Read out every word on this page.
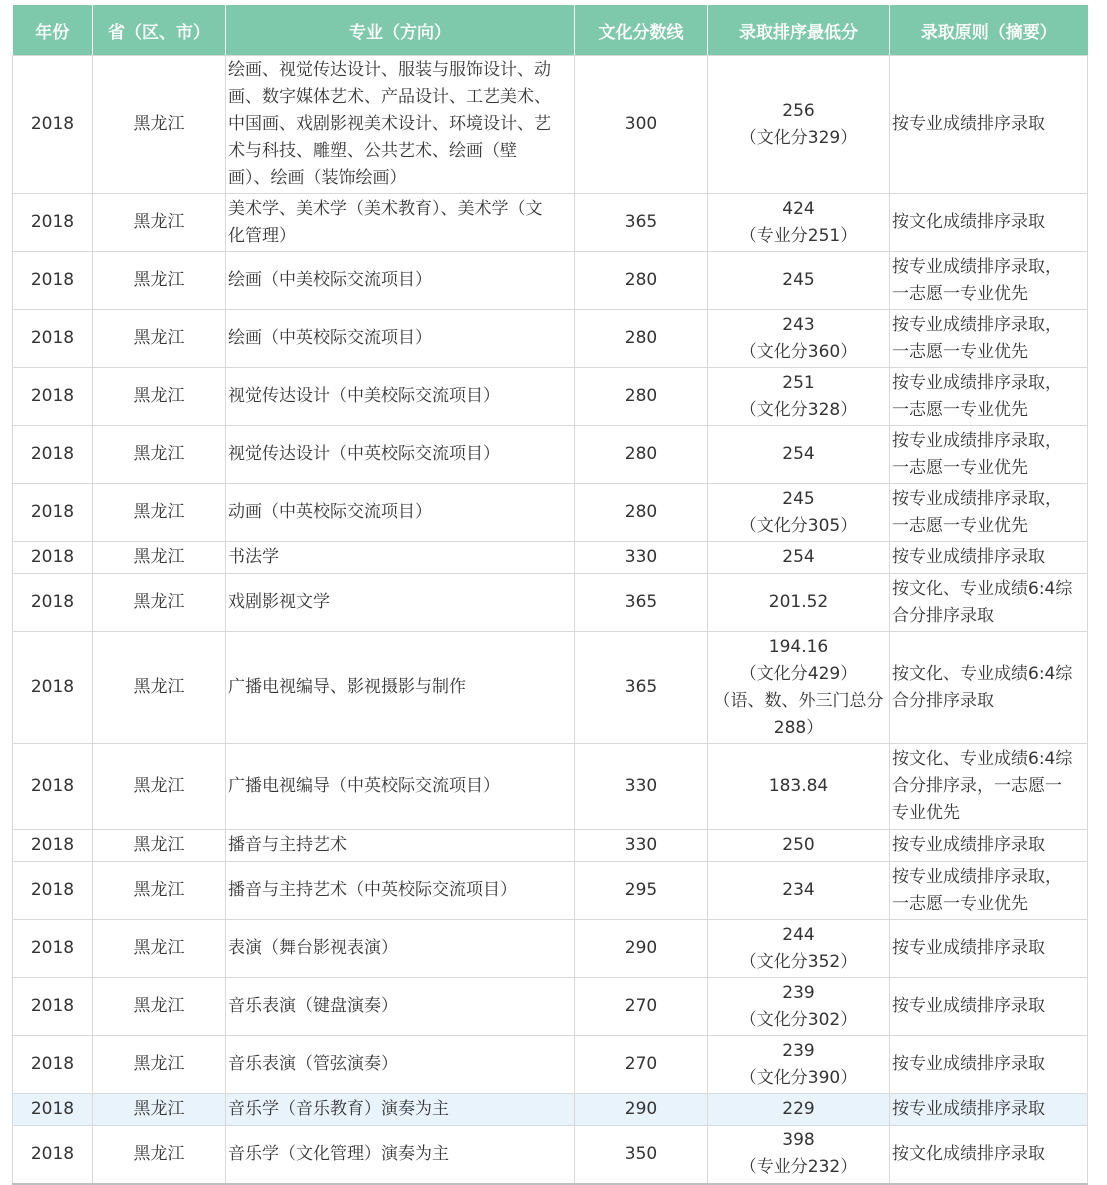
年份	省（区、市）	专业（方向）	文化分数线	录取排序最低分	录取原则（摘要）
2018	黑龙江	绘画、视觉传达设计、服装与服饰设计、动
画、数字媒体艺术、产品设计、工艺美术、
中国画、戏剧影视美术设计、环境设计、艺
术与科技、雕塑、公共艺术、绘画（壁
画）、绘画（装饰绘画）	300	256
（文化分329）	按专业成绩排序录取

2018	黑龙江	美术学、美术学（美术教育）、美术学（文
化管理）	365	424
（专业分251）	按文化成绩排序录取

2018	黑龙江	绘画（中美校际交流项目）	280	245	按专业成绩排序录取，
一志愿一专业优先

2018	黑龙江	绘画（中英校际交流项目）	280	243
（文化分360）	按专业成绩排序录取，
一志愿一专业优先

2018	黑龙江	视觉传达设计（中美校际交流项目）	280	251
（文化分328）	按专业成绩排序录取，
一志愿一专业优先

2018	黑龙江	视觉传达设计（中英校际交流项目）	280	254	按专业成绩排序录取，
一志愿一专业优先

2018	黑龙江	动画（中英校际交流项目）	280	245
（文化分305）	按专业成绩排序录取，
一志愿一专业优先

2018	黑龙江	书法学	330	254	按专业成绩排序录取

2018	黑龙江	戏剧影视文学	365	201.52	按文化、专业成绩6:4综
合分排序录取

2018	黑龙江	广播电视编导、影视摄影与制作	365	194.16
（文化分429）
（语、数、外三门总分
288）	按文化、专业成绩6:4综
合分排序录取

2018	黑龙江	广播电视编导（中英校际交流项目）	330	183.84	按文化、专业成绩6:4综
合分排序录，一志愿一
专业优先

2018	黑龙江	播音与主持艺术	330	250	按专业成绩排序录取

2018	黑龙江	播音与主持艺术（中英校际交流项目）	295	234	按专业成绩排序录取，
一志愿一专业优先

2018	黑龙江	表演（舞台影视表演）	290	244
（文化分352）	按专业成绩排序录取

2018	黑龙江	音乐表演（键盘演奏）	270	239
（文化分302）	按专业成绩排序录取

2018	黑龙江	音乐表演（管弦演奏）	270	239
（文化分390）	按专业成绩排序录取

2018	黑龙江	音乐学（音乐教育）演奏为主	290	229	按专业成绩排序录取

2018	黑龙江	音乐学（文化管理）演奏为主	350	398
（专业分232）	按文化成绩排序录取
